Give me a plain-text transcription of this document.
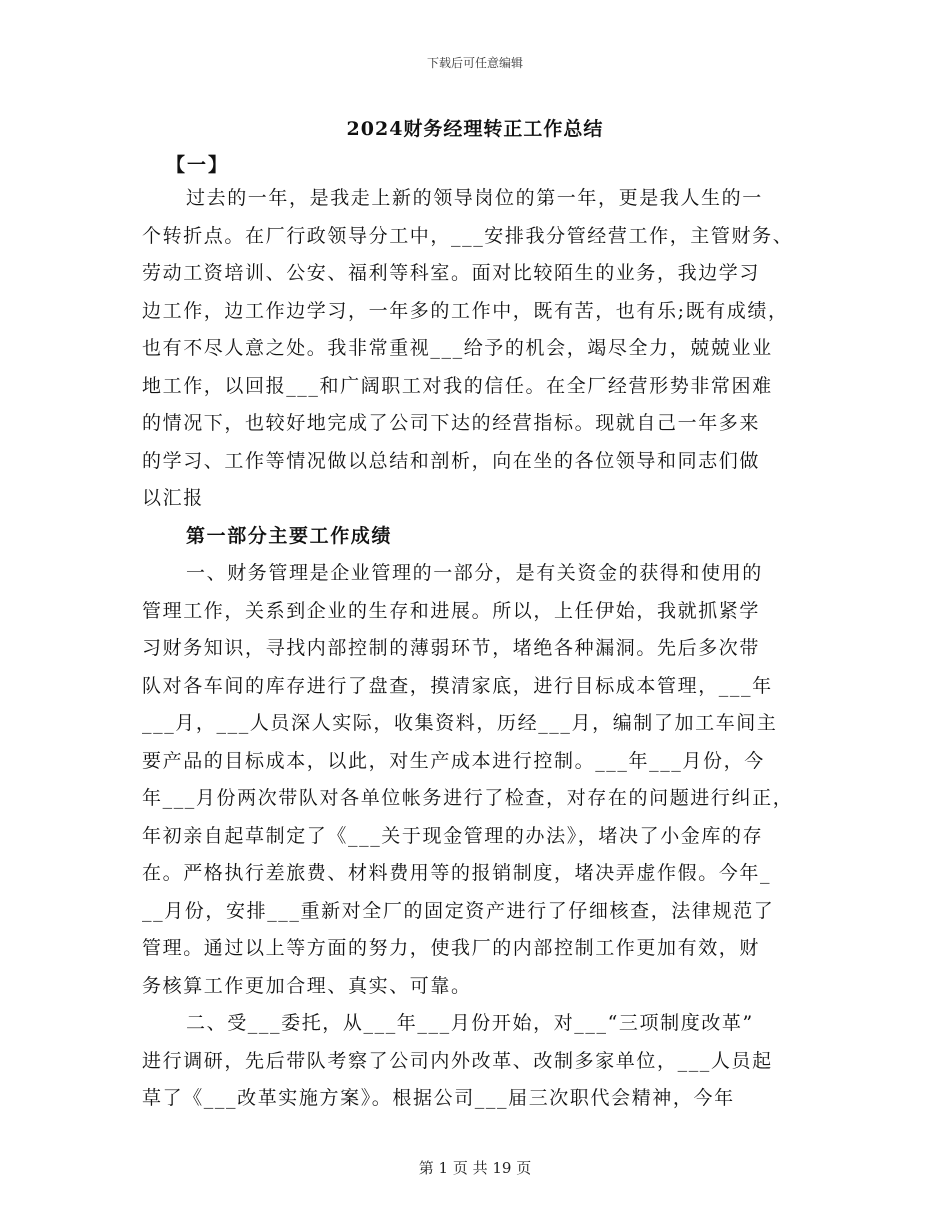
下载后可任意编辑
2024财务经理转正工作总结
【一】
过去的一年，是我走上新的领导岗位的第一年，更是我人生的一
个转折点。在厂行政领导分工中，___安排我分管经营工作，主管财务、
劳动工资培训、公安、福利等科室。面对比较陌生的业务，我边学习
边工作，边工作边学习，一年多的工作中，既有苦，也有乐;既有成绩，
也有不尽人意之处。我非常重视___给予的机会，竭尽全力，兢兢业业
地工作，以回报___和广阔职工对我的信任。在全厂经营形势非常困难
的情况下，也较好地完成了公司下达的经营指标。现就自己一年多来
的学习、工作等情况做以总结和剖析，向在坐的各位领导和同志们做
以汇报
第一部分主要工作成绩
一、财务管理是企业管理的一部分，是有关资金的获得和使用的
管理工作，关系到企业的生存和进展。所以，上任伊始，我就抓紧学
习财务知识，寻找内部控制的薄弱环节，堵绝各种漏洞。先后多次带
队对各车间的库存进行了盘查，摸清家底，进行目标成本管理，___年
___月，___人员深人实际，收集资料，历经___月，编制了加工车间主
要产品的目标成本，以此，对生产成本进行控制。___年___月份，今
年___月份两次带队对各单位帐务进行了检查，对存在的问题进行纠正，
年初亲自起草制定了《___关于现金管理的办法》，堵决了小金库的存
在。严格执行差旅费、材料费用等的报销制度，堵决弄虚作假。今年_
__月份，安排___重新对全厂的固定资产进行了仔细核查，法律规范了
管理。通过以上等方面的努力，使我厂的内部控制工作更加有效，财
务核算工作更加合理、真实、可靠。
二、受___委托，从___年___月份开始，对___“三项制度改革”
进行调研，先后带队考察了公司内外改革、改制多家单位，___人员起
草了《___改革实施方案》。根据公司___届三次职代会精神，今年
第 1 页 共 19 页
